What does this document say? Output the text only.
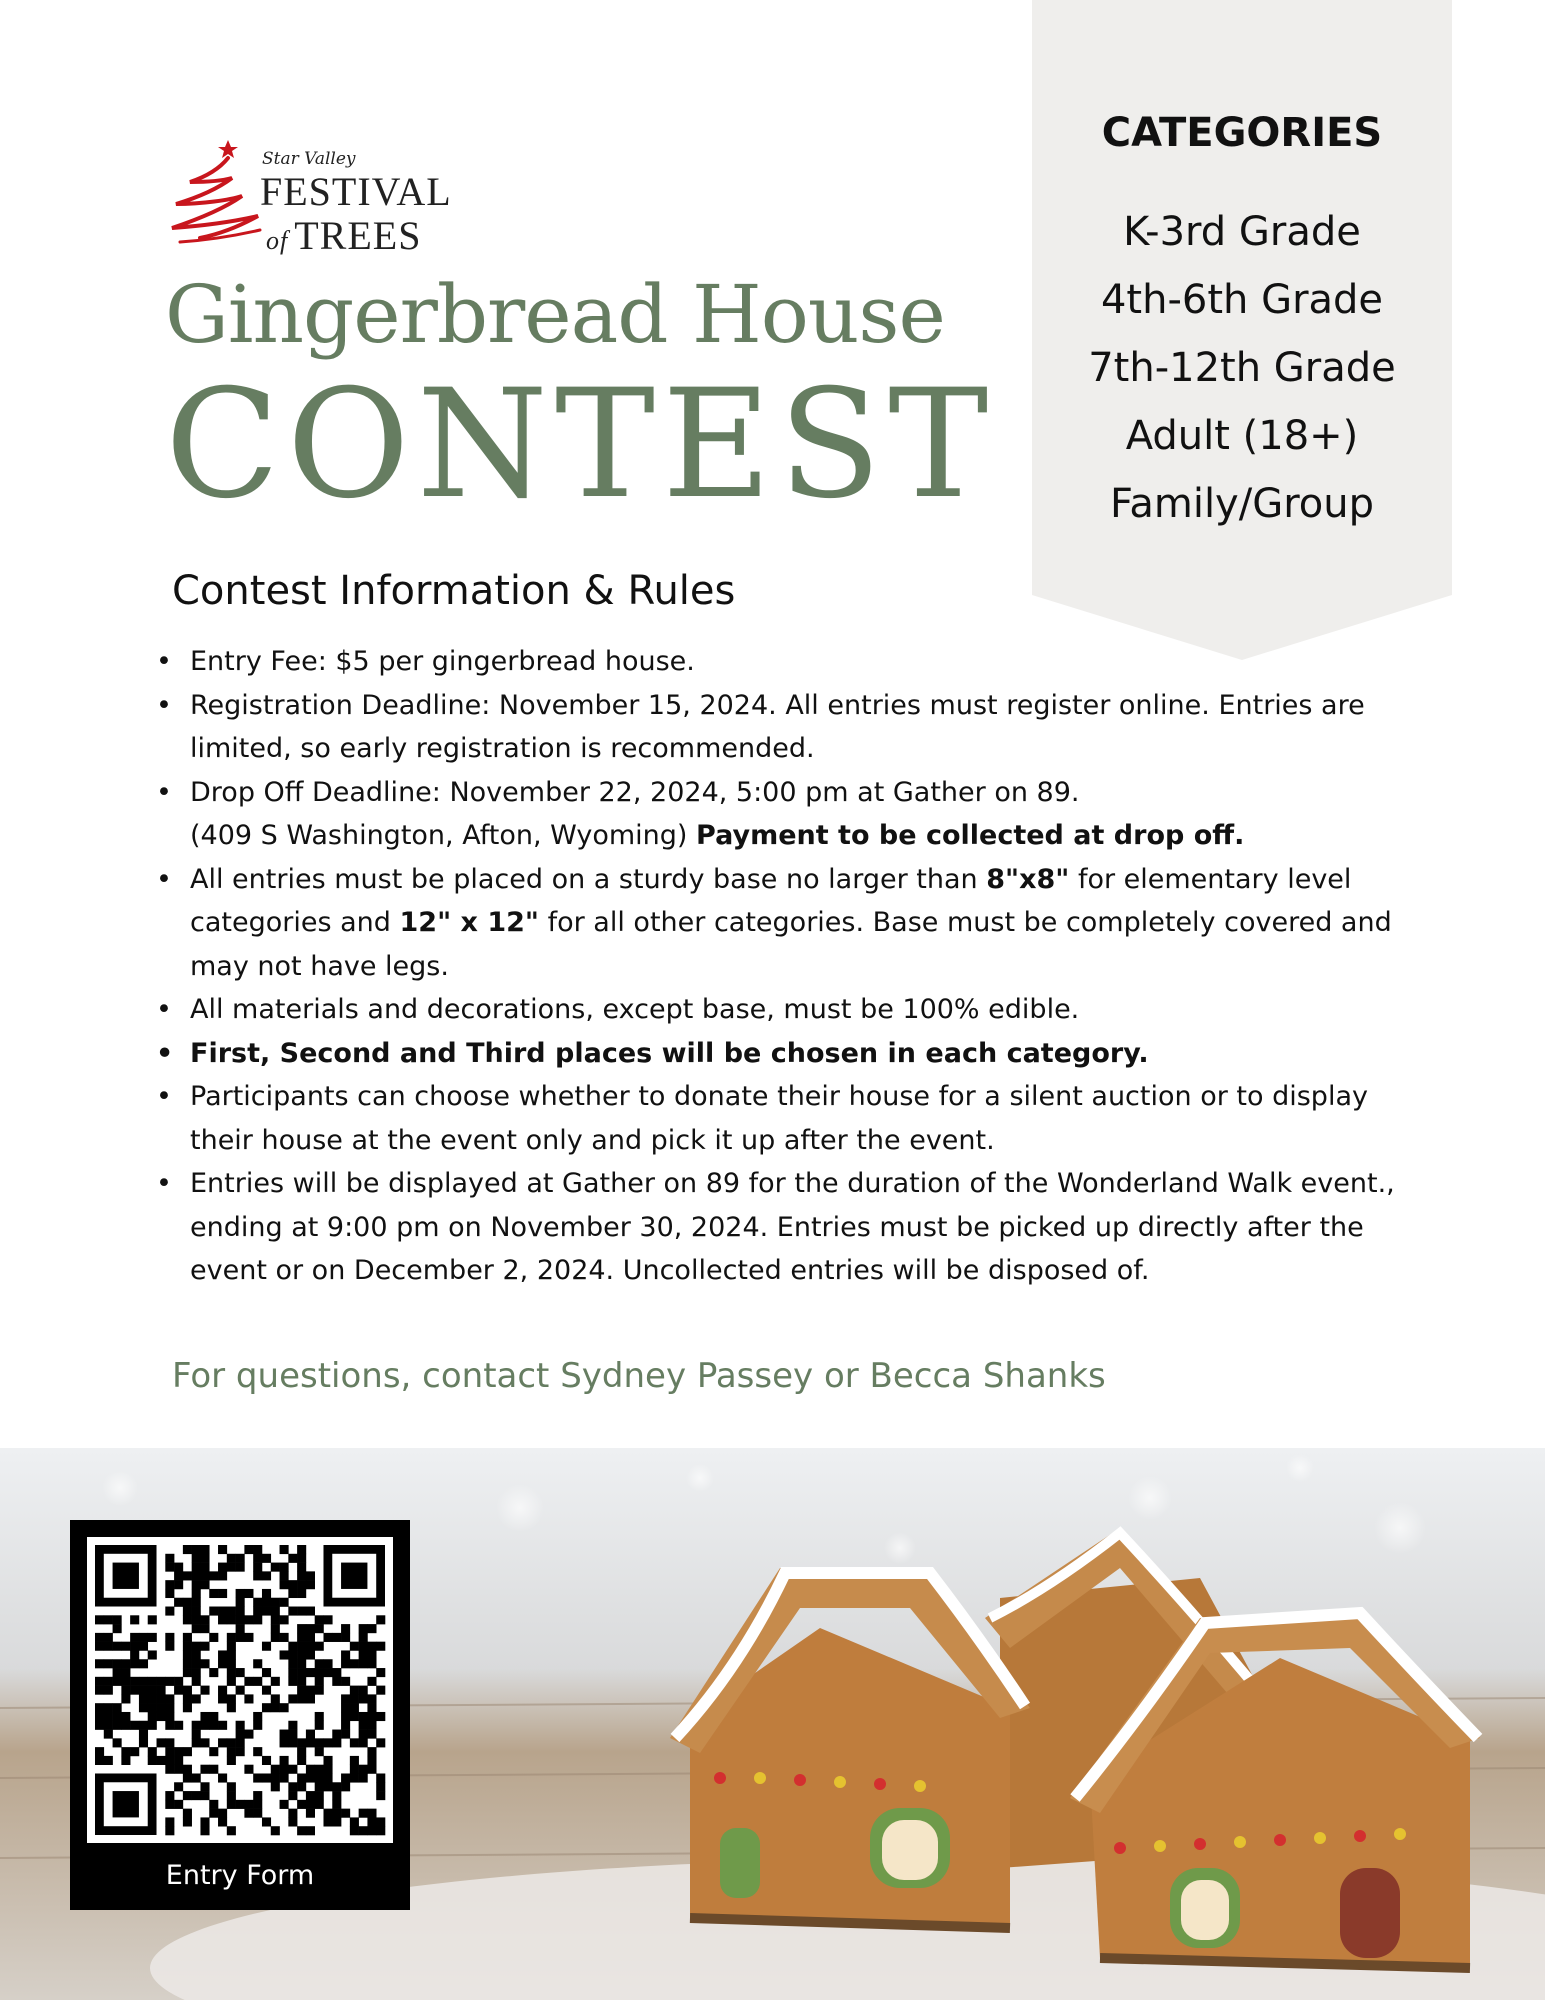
Star Valley
FESTIVAL
of TREES
Gingerbread House
CONTEST
CATEGORIES
K-3rd Grade
4th-6th Grade
7th-12th Grade
Adult (18+)
Family/Group
Contest Information & Rules
• Entry Fee: $5 per gingerbread house.
• Registration Deadline: November 15, 2024. All entries must register online. Entries are limited, so early registration is recommended.
• Drop Off Deadline: November 22, 2024, 5:00 pm at Gather on 89.
(409 S Washington, Afton, Wyoming) Payment to be collected at drop off.
• All entries must be placed on a sturdy base no larger than 8"x8" for elementary level categories and 12" x 12" for all other categories. Base must be completely covered and may not have legs.
• All materials and decorations, except base, must be 100% edible.
• First, Second and Third places will be chosen in each category.
• Participants can choose whether to donate their house for a silent auction or to display their house at the event only and pick it up after the event.
• Entries will be displayed at Gather on 89 for the duration of the Wonderland Walk event., ending at 9:00 pm on November 30, 2024. Entries must be picked up directly after the event or on December 2, 2024. Uncollected entries will be disposed of.
For questions, contact Sydney Passey or Becca Shanks
Entry Form
